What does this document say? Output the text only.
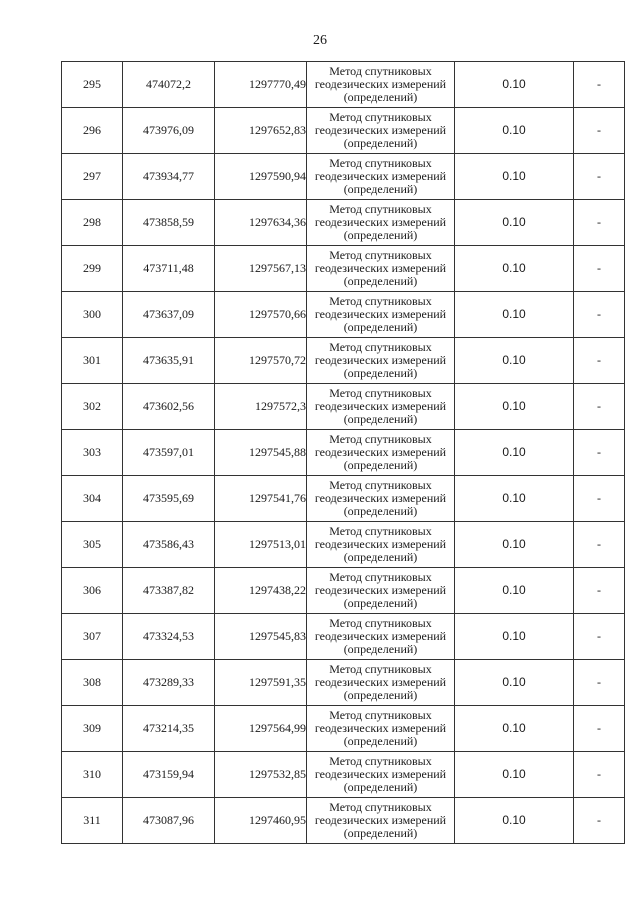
26
295	474072,2	1297770,49	Метод спутниковых
геодезических измерений
(определений)	0.10	-
296	473976,09	1297652,83	Метод спутниковых
геодезических измерений
(определений)	0.10	-
297	473934,77	1297590,94	Метод спутниковых
геодезических измерений
(определений)	0.10	-
298	473858,59	1297634,36	Метод спутниковых
геодезических измерений
(определений)	0.10	-
299	473711,48	1297567,13	Метод спутниковых
геодезических измерений
(определений)	0.10	-
300	473637,09	1297570,66	Метод спутниковых
геодезических измерений
(определений)	0.10	-
301	473635,91	1297570,72	Метод спутниковых
геодезических измерений
(определений)	0.10	-
302	473602,56	1297572,3	Метод спутниковых
геодезических измерений
(определений)	0.10	-
303	473597,01	1297545,88	Метод спутниковых
геодезических измерений
(определений)	0.10	-
304	473595,69	1297541,76	Метод спутниковых
геодезических измерений
(определений)	0.10	-
305	473586,43	1297513,01	Метод спутниковых
геодезических измерений
(определений)	0.10	-
306	473387,82	1297438,22	Метод спутниковых
геодезических измерений
(определений)	0.10	-
307	473324,53	1297545,83	Метод спутниковых
геодезических измерений
(определений)	0.10	-
308	473289,33	1297591,35	Метод спутниковых
геодезических измерений
(определений)	0.10	-
309	473214,35	1297564,99	Метод спутниковых
геодезических измерений
(определений)	0.10	-
310	473159,94	1297532,85	Метод спутниковых
геодезических измерений
(определений)	0.10	-
311	473087,96	1297460,95	Метод спутниковых
геодезических измерений
(определений)	0.10	-
